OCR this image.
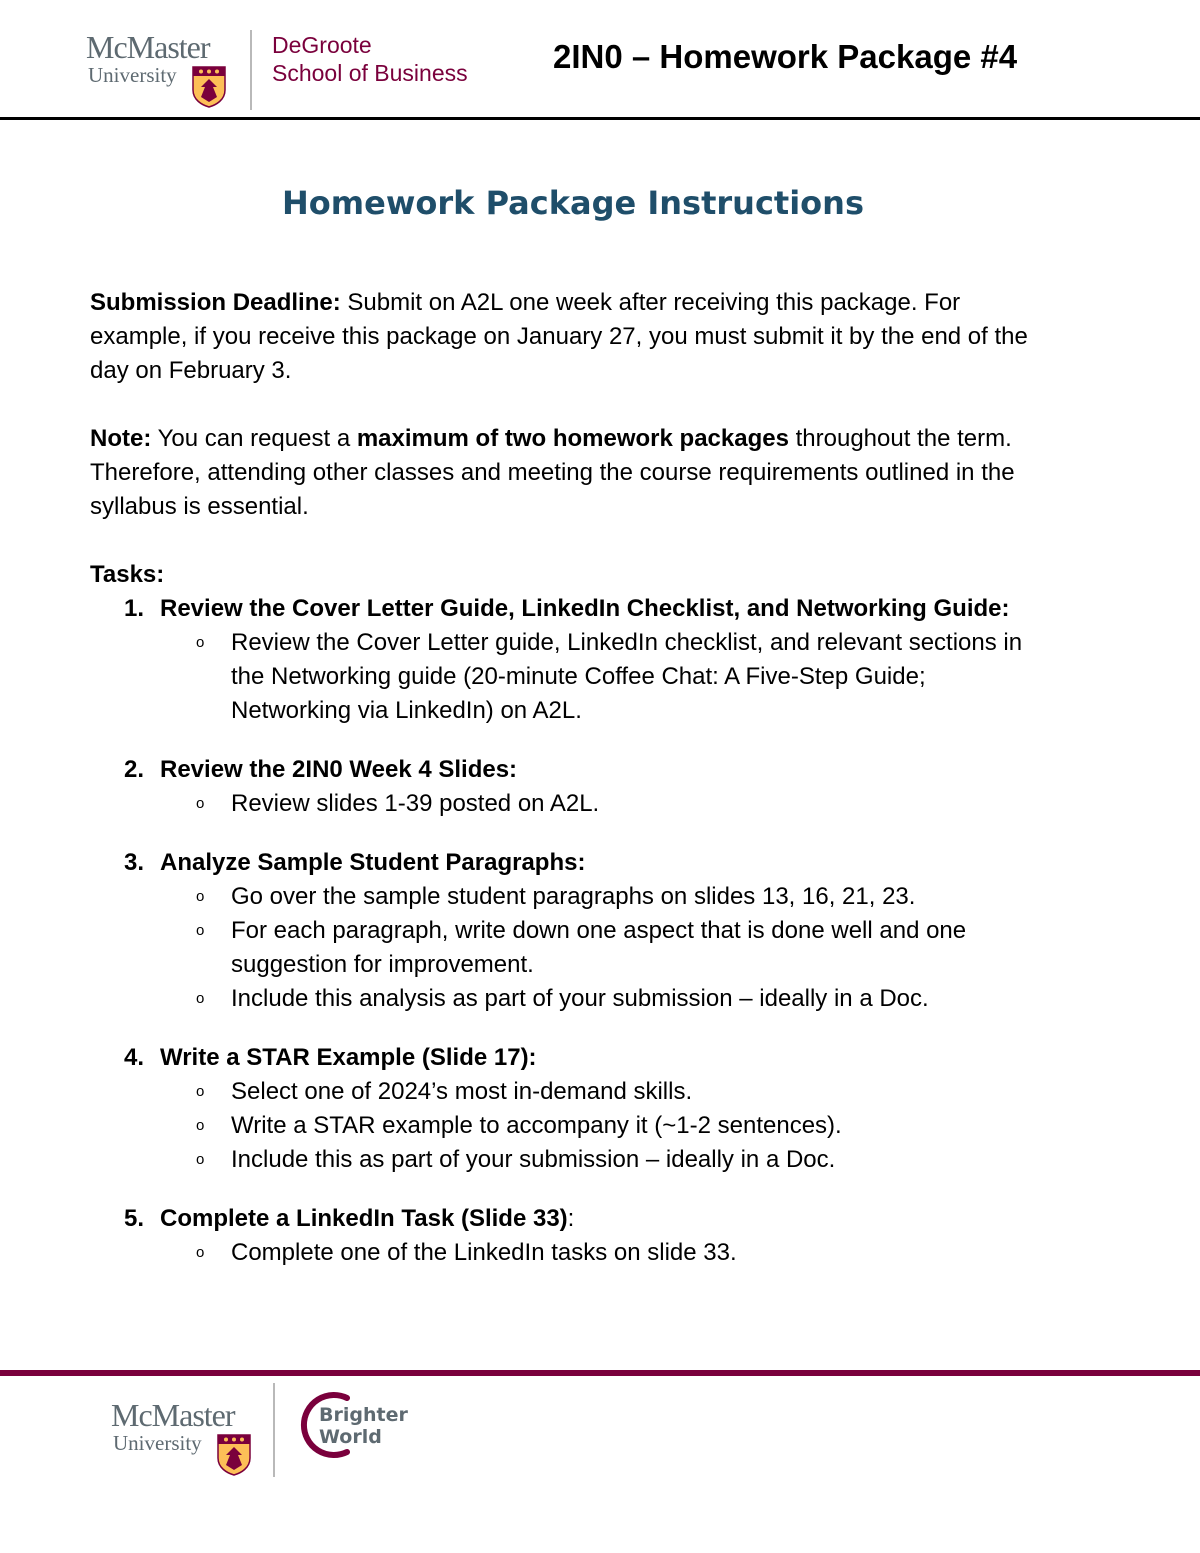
McMaster
University
DeGroote
School of Business	2IN0 – Homework Package #4
Homework Package Instructions

Submission Deadline: Submit on A2L one week after receiving this package. For example, if you receive this package on January 27, you must submit it by the end of the day on February 3.

Note: You can request a maximum of two homework packages throughout the term. Therefore, attending other classes and meeting the course requirements outlined in the syllabus is essential.

Tasks:
1. Review the Cover Letter Guide, LinkedIn Checklist, and Networking Guide:
o Review the Cover Letter guide, LinkedIn checklist, and relevant sections in the Networking guide (20-minute Coffee Chat: A Five-Step Guide; Networking via LinkedIn) on A2L.
2. Review the 2IN0 Week 4 Slides:
o Review slides 1-39 posted on A2L.
3. Analyze Sample Student Paragraphs:
o Go over the sample student paragraphs on slides 13, 16, 21, 23.
o For each paragraph, write down one aspect that is done well and one suggestion for improvement.
o Include this analysis as part of your submission – ideally in a Doc.
4. Write a STAR Example (Slide 17):
o Select one of 2024’s most in-demand skills.
o Write a STAR example to accompany it (~1-2 sentences).
o Include this as part of your submission – ideally in a Doc.
5. Complete a LinkedIn Task (Slide 33):
o Complete one of the LinkedIn tasks on slide 33.
McMaster
University
Brighter
World
